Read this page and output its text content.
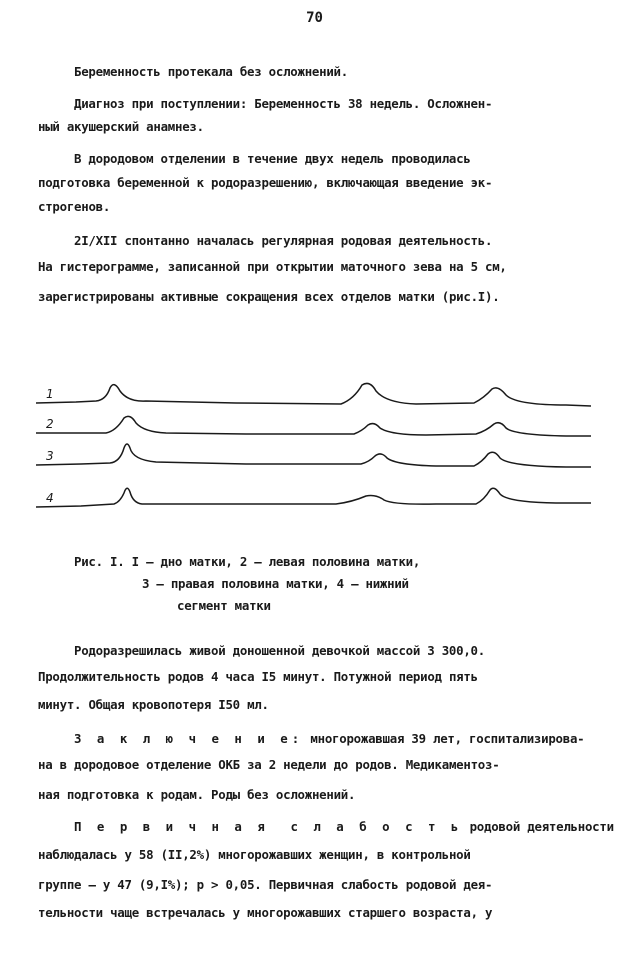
70
Беременность протекала без осложнений.
Диагноз при поступлении: Беременность 38 недель. Осложнен-
ный акушерский анамнез.
В дородовом отделении в течение двух недель проводилась
подготовка беременной к родоразрешению, включающая введение эк-
строгенов.
2I/XII спонтанно началась регулярная родовая деятельность.
На гистерограмме, записанной при открытии маточного зева на 5 см,
зарегистрированы активные сокращения всех отделов матки (рис.I).
1
2
3
4
Рис. I. I – дно матки, 2 – левая половина матки,
3 – правая половина матки, 4 – нижний
сегмент матки
Родоразрешилась живой доношенной девочкой массой 3 300,0.
Продолжительность родов 4 часа I5 минут. Потужной период пять
минут. Общая кровопотеря I50 мл.
З а к л ю ч е н и е: многорожавшая 39 лет, госпитализирова-
на в дородовое отделение ОКБ за 2 недели до родов. Медикаментоз-
ная подготовка к родам. Роды без осложнений.
П е р в и ч н а я с л а б о с т ь родовой деятельности
наблюдалась у 58 (II,2%) многорожавших женщин, в контрольной
группе – у 47 (9,I%); р > 0,05. Первичная слабость родовой дея-
тельности чаще встречалась у многорожавших старшего возраста, у
